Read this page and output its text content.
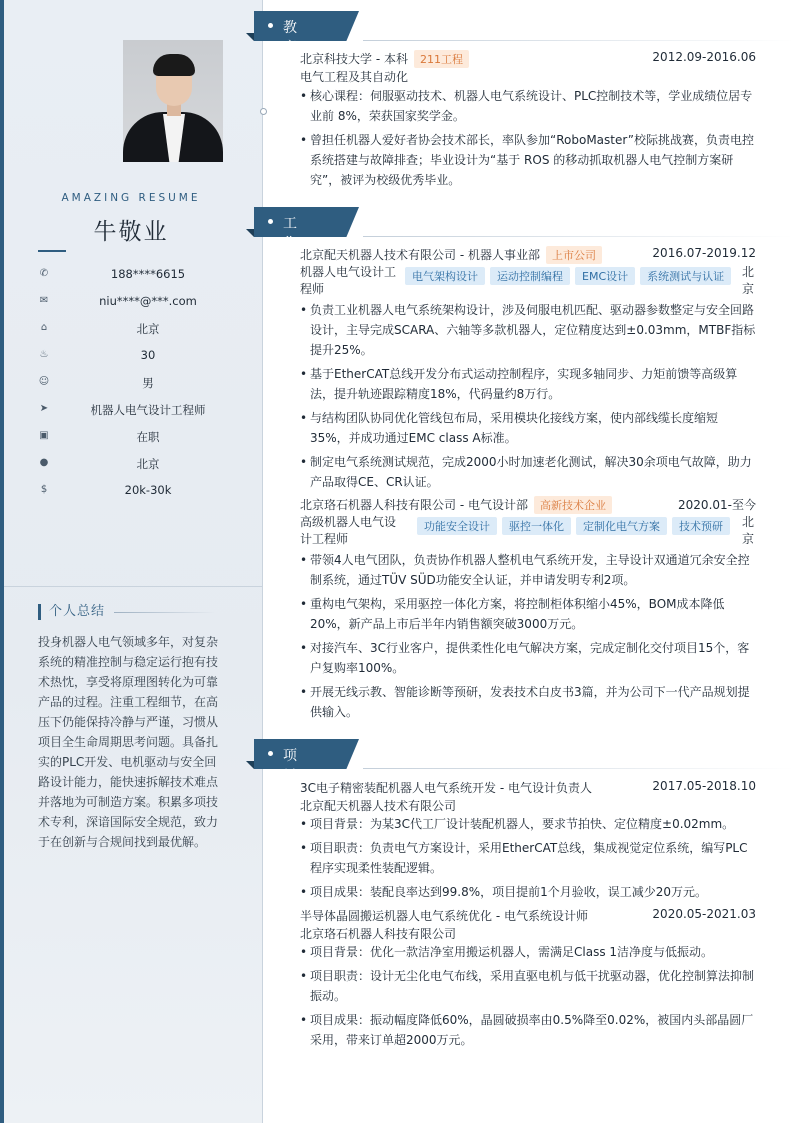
AMAZING RESUME
牛敬业
✆	188****6615
✉	niu****@***.com
⌂	北京
♨	30
☺	男
➤	机器人电气设计工程师
▣	在职
●	北京
$	20k-30k
个人总结
投身机器人电气领域多年，对复杂系统的精准控制与稳定运行抱有技术热忱，享受将原理图转化为可靠产品的过程。注重工程细节，在高压下仍能保持冷静与严谨，习惯从项目全生命周期思考问题。具备扎实的PLC开发、电机驱动与安全回路设计能力，能快速拆解技术难点并落地为可制造方案。积累多项技术专利，深谙国际安全规范，致力于在创新与合规间找到最优解。
教育经历
北京科技大学 - 本科 211工程	2012.09-2016.06
电气工程及其自动化
• 核心课程：伺服驱动技术、机器人电气系统设计、PLC控制技术等，学业成绩位居专业前 8%，荣获国家奖学金。
• 曾担任机器人爱好者协会技术部长，率队参加“RoboMaster”校际挑战赛，负责电控系统搭建与故障排查；毕业设计为“基于 ROS 的移动抓取机器人电气控制方案研究”，被评为校级优秀毕业。
工作经历
北京配天机器人技术有限公司 - 机器人事业部 上市公司	2016.07-2019.12
机器人电气设计工程师
电气架构设计 运动控制编程 EMC设计 系统测试与认证	北京
• 负责工业机器人电气系统架构设计，涉及伺服电机匹配、驱动器参数整定与安全回路设计，主导完成SCARA、六轴等多款机器人，定位精度达到±0.03mm，MTBF指标提升25%。
• 基于EtherCAT总线开发分布式运动控制程序，实现多轴同步、力矩前馈等高级算法，提升轨迹跟踪精度18%，代码量约8万行。
• 与结构团队协同优化管线包布局，采用模块化接线方案，使内部线缆长度缩短35%，并成功通过EMC class A标准。
• 制定电气系统测试规范，完成2000小时加速老化测试，解决30余项电气故障，助力产品取得CE、CR认证。
北京珞石机器人科技有限公司 - 电气设计部 高新技术企业	2020.01-至今
高级机器人电气设计工程师
功能安全设计 驱控一体化 定制化电气方案 技术预研	北京
• 带领4人电气团队，负责协作机器人整机电气系统开发，主导设计双通道冗余安全控制系统，通过TÜV SÜD功能安全认证，并申请发明专利2项。
• 重构电气架构，采用驱控一体化方案，将控制柜体积缩小45%，BOM成本降低20%，新产品上市后半年内销售额突破3000万元。
• 对接汽车、3C行业客户，提供柔性化电气解决方案，完成定制化交付项目15个，客户复购率100%。
• 开展无线示教、智能诊断等预研，发表技术白皮书3篇，并为公司下一代产品规划提供输入。
项目经历
3C电子精密装配机器人电气系统开发 - 电气设计负责人	2017.05-2018.10
北京配天机器人技术有限公司
• 项目背景：为某3C代工厂设计装配机器人，要求节拍快、定位精度±0.02mm。
• 项目职责：负责电气方案设计，采用EtherCAT总线，集成视觉定位系统，编写PLC程序实现柔性装配逻辑。
• 项目成果：装配良率达到99.8%，项目提前1个月验收，误工减少20万元。
半导体晶圆搬运机器人电气系统优化 - 电气系统设计师	2020.05-2021.03
北京珞石机器人科技有限公司
• 项目背景：优化一款洁净室用搬运机器人，需满足Class 1洁净度与低振动。
• 项目职责：设计无尘化电气布线，采用直驱电机与低干扰驱动器，优化控制算法抑制振动。
• 项目成果：振动幅度降低60%，晶圆破损率由0.5%降至0.02%，被国内头部晶圆厂采用，带来订单超2000万元。
